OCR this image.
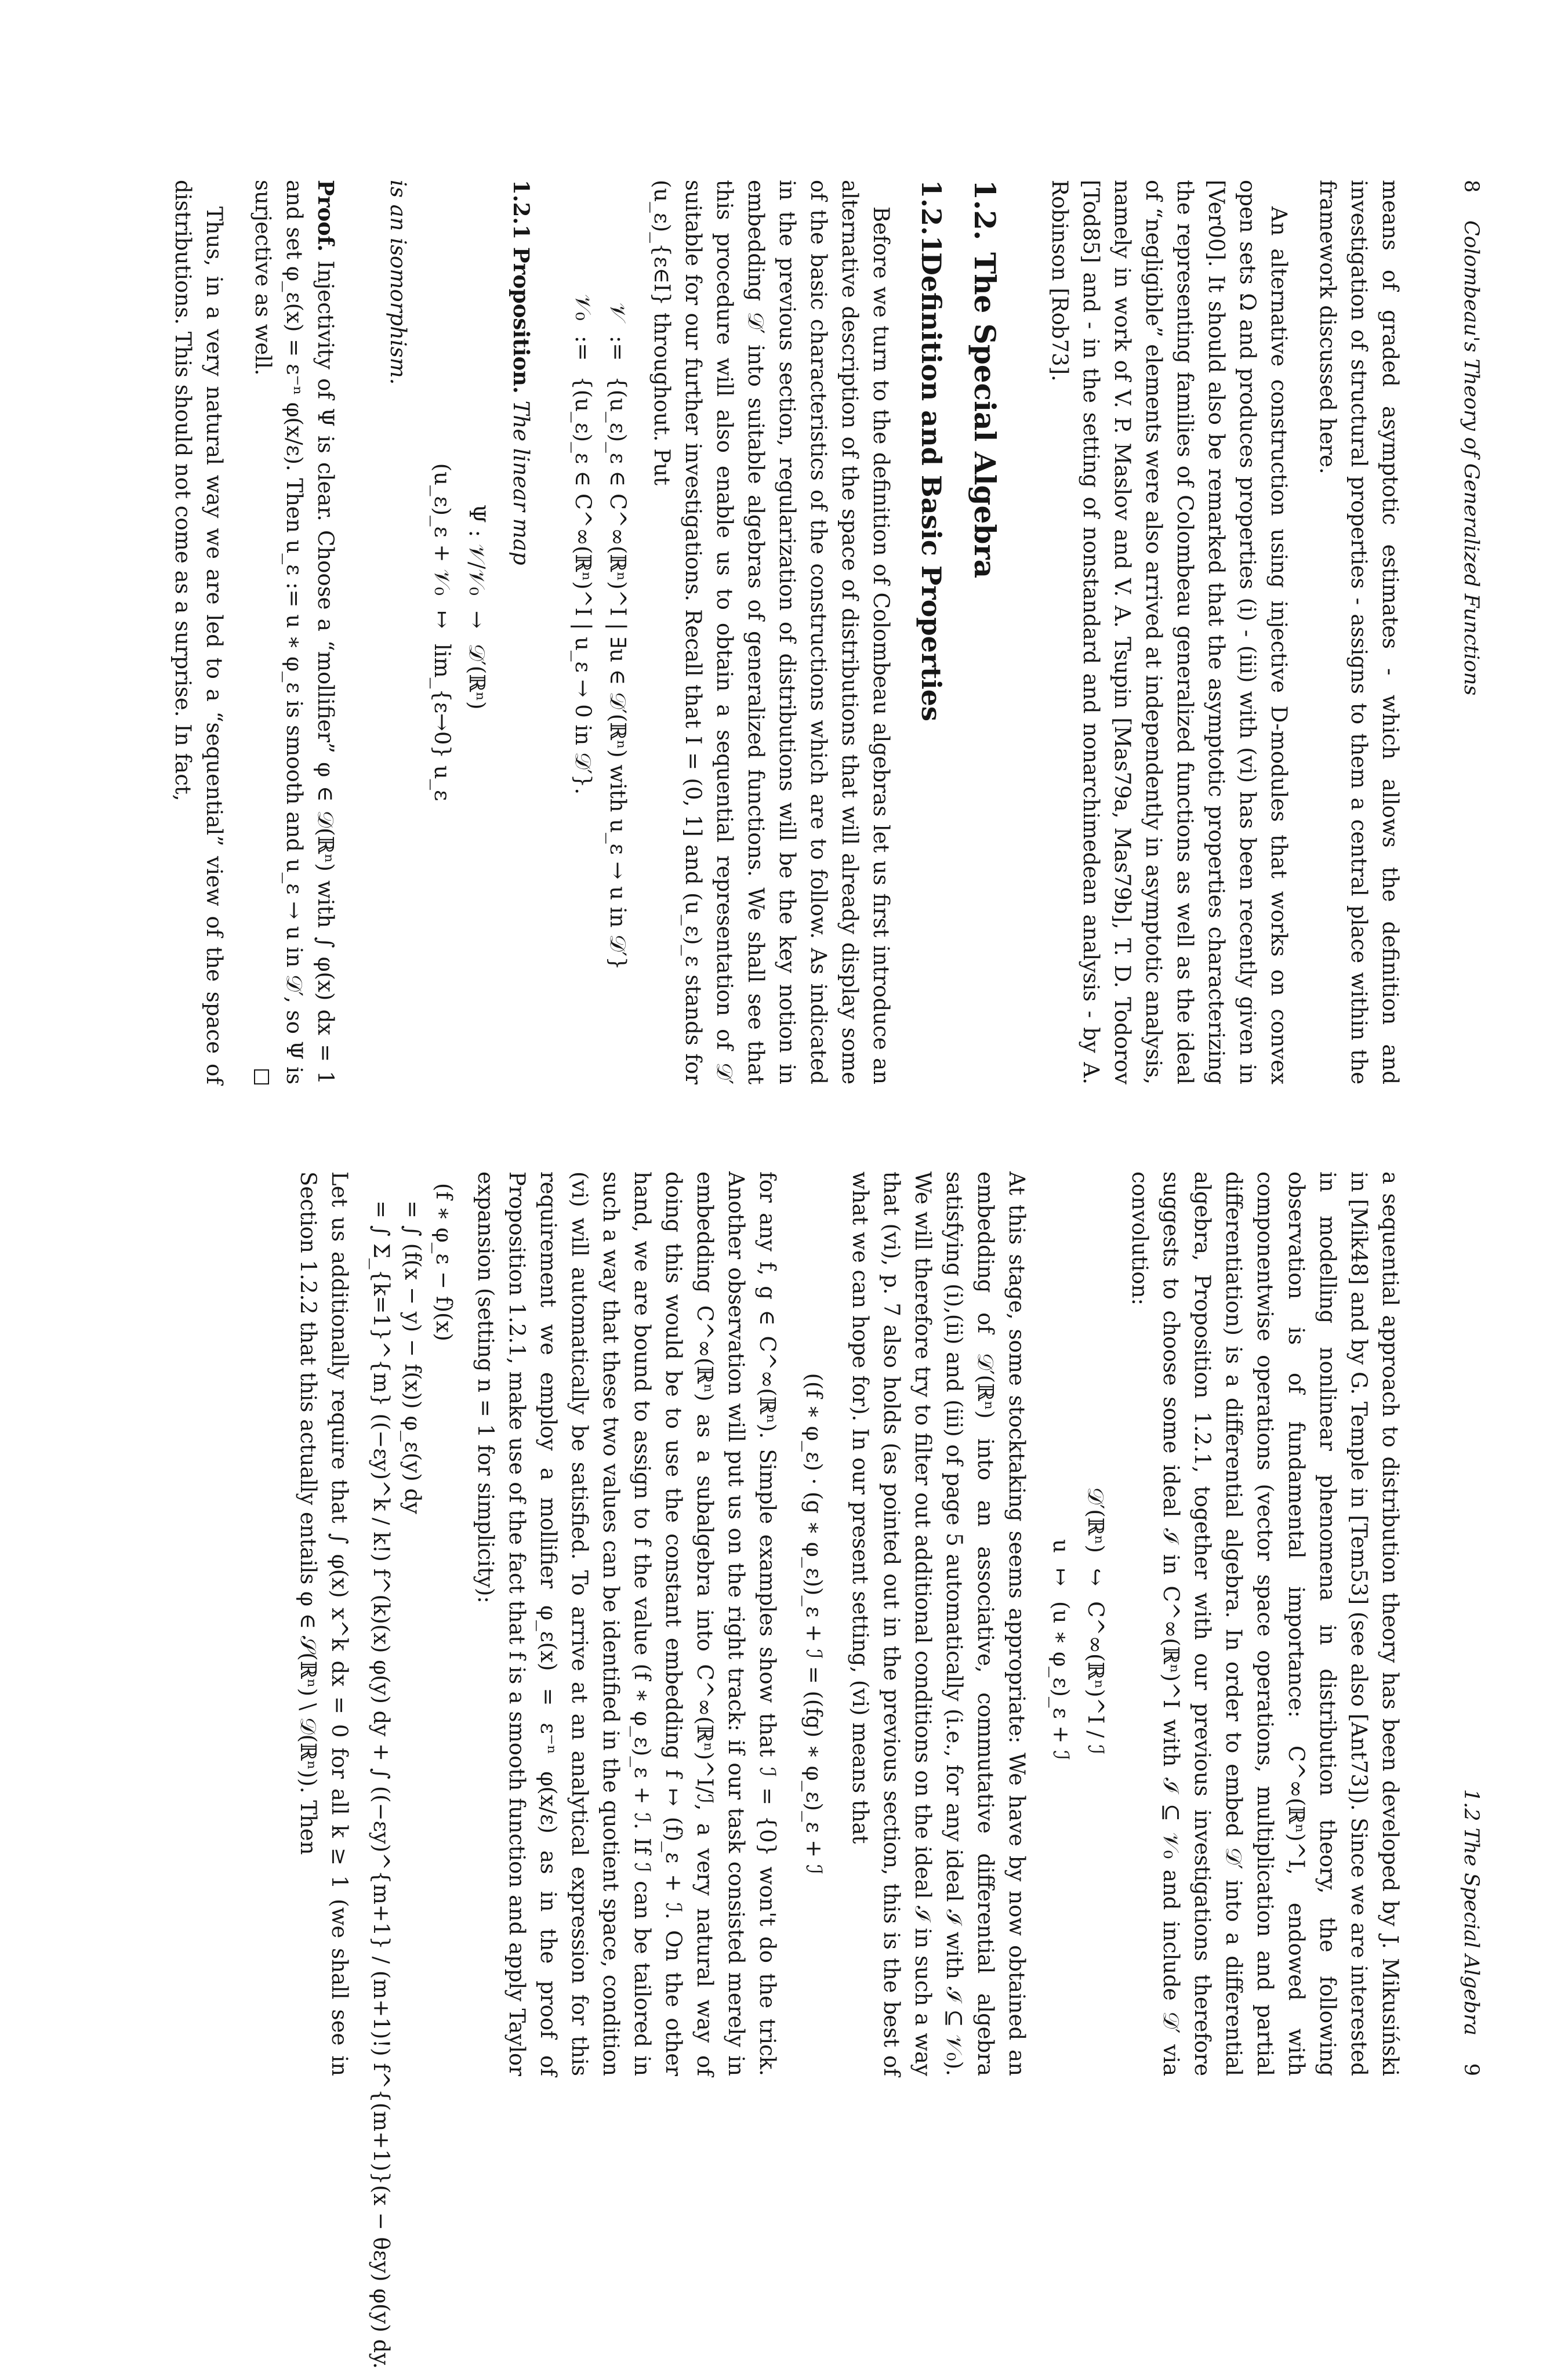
8
Colombeau's Theory of Generalized Functions

means of graded asymptotic estimates - which allows the definition and investigation of structural properties - assigns to them a central place within the framework discussed here.

An alternative construction using injective D-modules that works on convex open sets Ω and produces properties (i) - (iii) with (vi) has been recently given in [Ver00]. It should also be remarked that the asymptotic properties characterizing the representing families of Colombeau generalized functions as well as the ideal of “negligible” elements were also arrived at independently in asymptotic analysis, namely in work of V. P. Maslov and V. A. Tsupin [Mas79a, Mas79b], T. D. Todorov [Tod85] and - in the setting of nonstandard and nonarchimedean analysis - by A. Robinson [Rob73].

1.2.The Special Algebra
1.2.1.Definition and Basic Properties

Before we turn to the definition of Colombeau algebras let us first introduce an alternative description of the space of distributions that will already display some of the basic characteristics of the constructions which are to follow. As indicated in the previous section, regularization of distributions will be the key notion in embedding 𝒟′ into suitable algebras of generalized functions. We shall see that this procedure will also enable us to obtain a sequential representation of 𝒟′ suitable for our further investigations. Recall that I = (0, 1] and (u_ε)_ε stands for (u_ε)_{ε∈I} throughout. Put

𝒱
:=
{(u_ε)_ε ∈ C^∞(ℝⁿ)^I | ∃u ∈ 𝒟′(ℝⁿ) with u_ε → u in 𝒟′}
𝒱₀
:=
{(u_ε)_ε ∈ C^∞(ℝⁿ)^I | u_ε → 0 in 𝒟′}.

1.2.1 Proposition. The linear map

Ψ : 𝒱/𝒱₀
→
𝒟′(ℝⁿ)
(u_ε)_ε + 𝒱₀
↦
lim_{ε→0} u_ε

is an isomorphism.

Proof. Injectivity of Ψ is clear. Choose a “mollifier” φ ∈ 𝒟(ℝⁿ) with ∫ φ(x) dx = 1 and set φ_ε(x) = ε⁻ⁿ φ(x/ε). Then u_ε := u ∗ φ_ε is smooth and u_ε → u in 𝒟′, so Ψ is surjective as well.

Thus, in a very natural way we are led to a “sequential” view of the space of distributions. This should not come as a surprise. In fact,

1.2 The Special Algebra
9

a sequential approach to distribution theory has been developed by J. Mikusiński in [Mik48] and by G. Temple in [Tem53] (see also [Ant73]). Since we are interested in modelling nonlinear phenomena in distribution theory, the following observation is of fundamental importance: C^∞(ℝⁿ)^I, endowed with componentwise operations (vector space operations, multiplication and partial differentiation) is a differential algebra. In order to embed 𝒟′ into a differential algebra, Proposition 1.2.1, together with our previous investigations therefore suggests to choose some ideal ℐ in C^∞(ℝⁿ)^I with ℐ ⊆ 𝒱₀ and include 𝒟′ via convolution:

𝒟′(ℝⁿ)
↪
C^∞(ℝⁿ)^I / ℐ
u
↦
(u ∗ φ_ε)_ε + ℐ

At this stage, some stocktaking seems appropriate: We have by now obtained an embedding of 𝒟′(ℝⁿ) into an associative, commutative differential algebra satisfying (i),(ii) and (iii) of page 5 automatically (i.e., for any ideal ℐ with ℐ ⊆ 𝒱₀). We will therefore try to filter out additional conditions on the ideal ℐ in such a way that (vi), p. 7 also holds (as pointed out in the previous section, this is the best of what we can hope for). In our present setting, (vi) means that

((f ∗ φ_ε) · (g ∗ φ_ε))_ε + ℐ = ((fg) ∗ φ_ε)_ε + ℐ

for any f, g ∈ C^∞(ℝⁿ). Simple examples show that ℐ = {0} won't do the trick. Another observation will put us on the right track: if our task consisted merely in embedding C^∞(ℝⁿ) as a subalgebra into C^∞(ℝⁿ)^I/ℐ, a very natural way of doing this would be to use the constant embedding f ↦ (f)_ε + ℐ. On the other hand, we are bound to assign to f the value (f ∗ φ_ε)_ε + ℐ. If ℐ can be tailored in such a way that these two values can be identified in the quotient space, condition (vi) will automatically be satisfied. To arrive at an analytical expression for this requirement we employ a mollifier φ_ε(x) = ε⁻ⁿ φ(x/ε) as in the proof of Proposition 1.2.1, make use of the fact that f is a smooth function and apply Taylor expansion (setting n = 1 for simplicity):

(f ∗ φ_ε − f)(x)
= ∫ (f(x − y) − f(x)) φ_ε(y) dy
= ∫ Σ_{k=1}^{m} ((−εy)^k / k!) f^(k)(x) φ(y) dy + ∫ ((−εy)^{m+1} / (m+1)!) f^{(m+1)}(x − θεy) φ(y) dy.

Let us additionally require that ∫ φ(x) x^k dx = 0 for all k ≥ 1 (we shall see in Section 1.2.2 that this actually entails φ ∈ 𝒮(ℝⁿ) \ 𝒟(ℝⁿ)). Then
